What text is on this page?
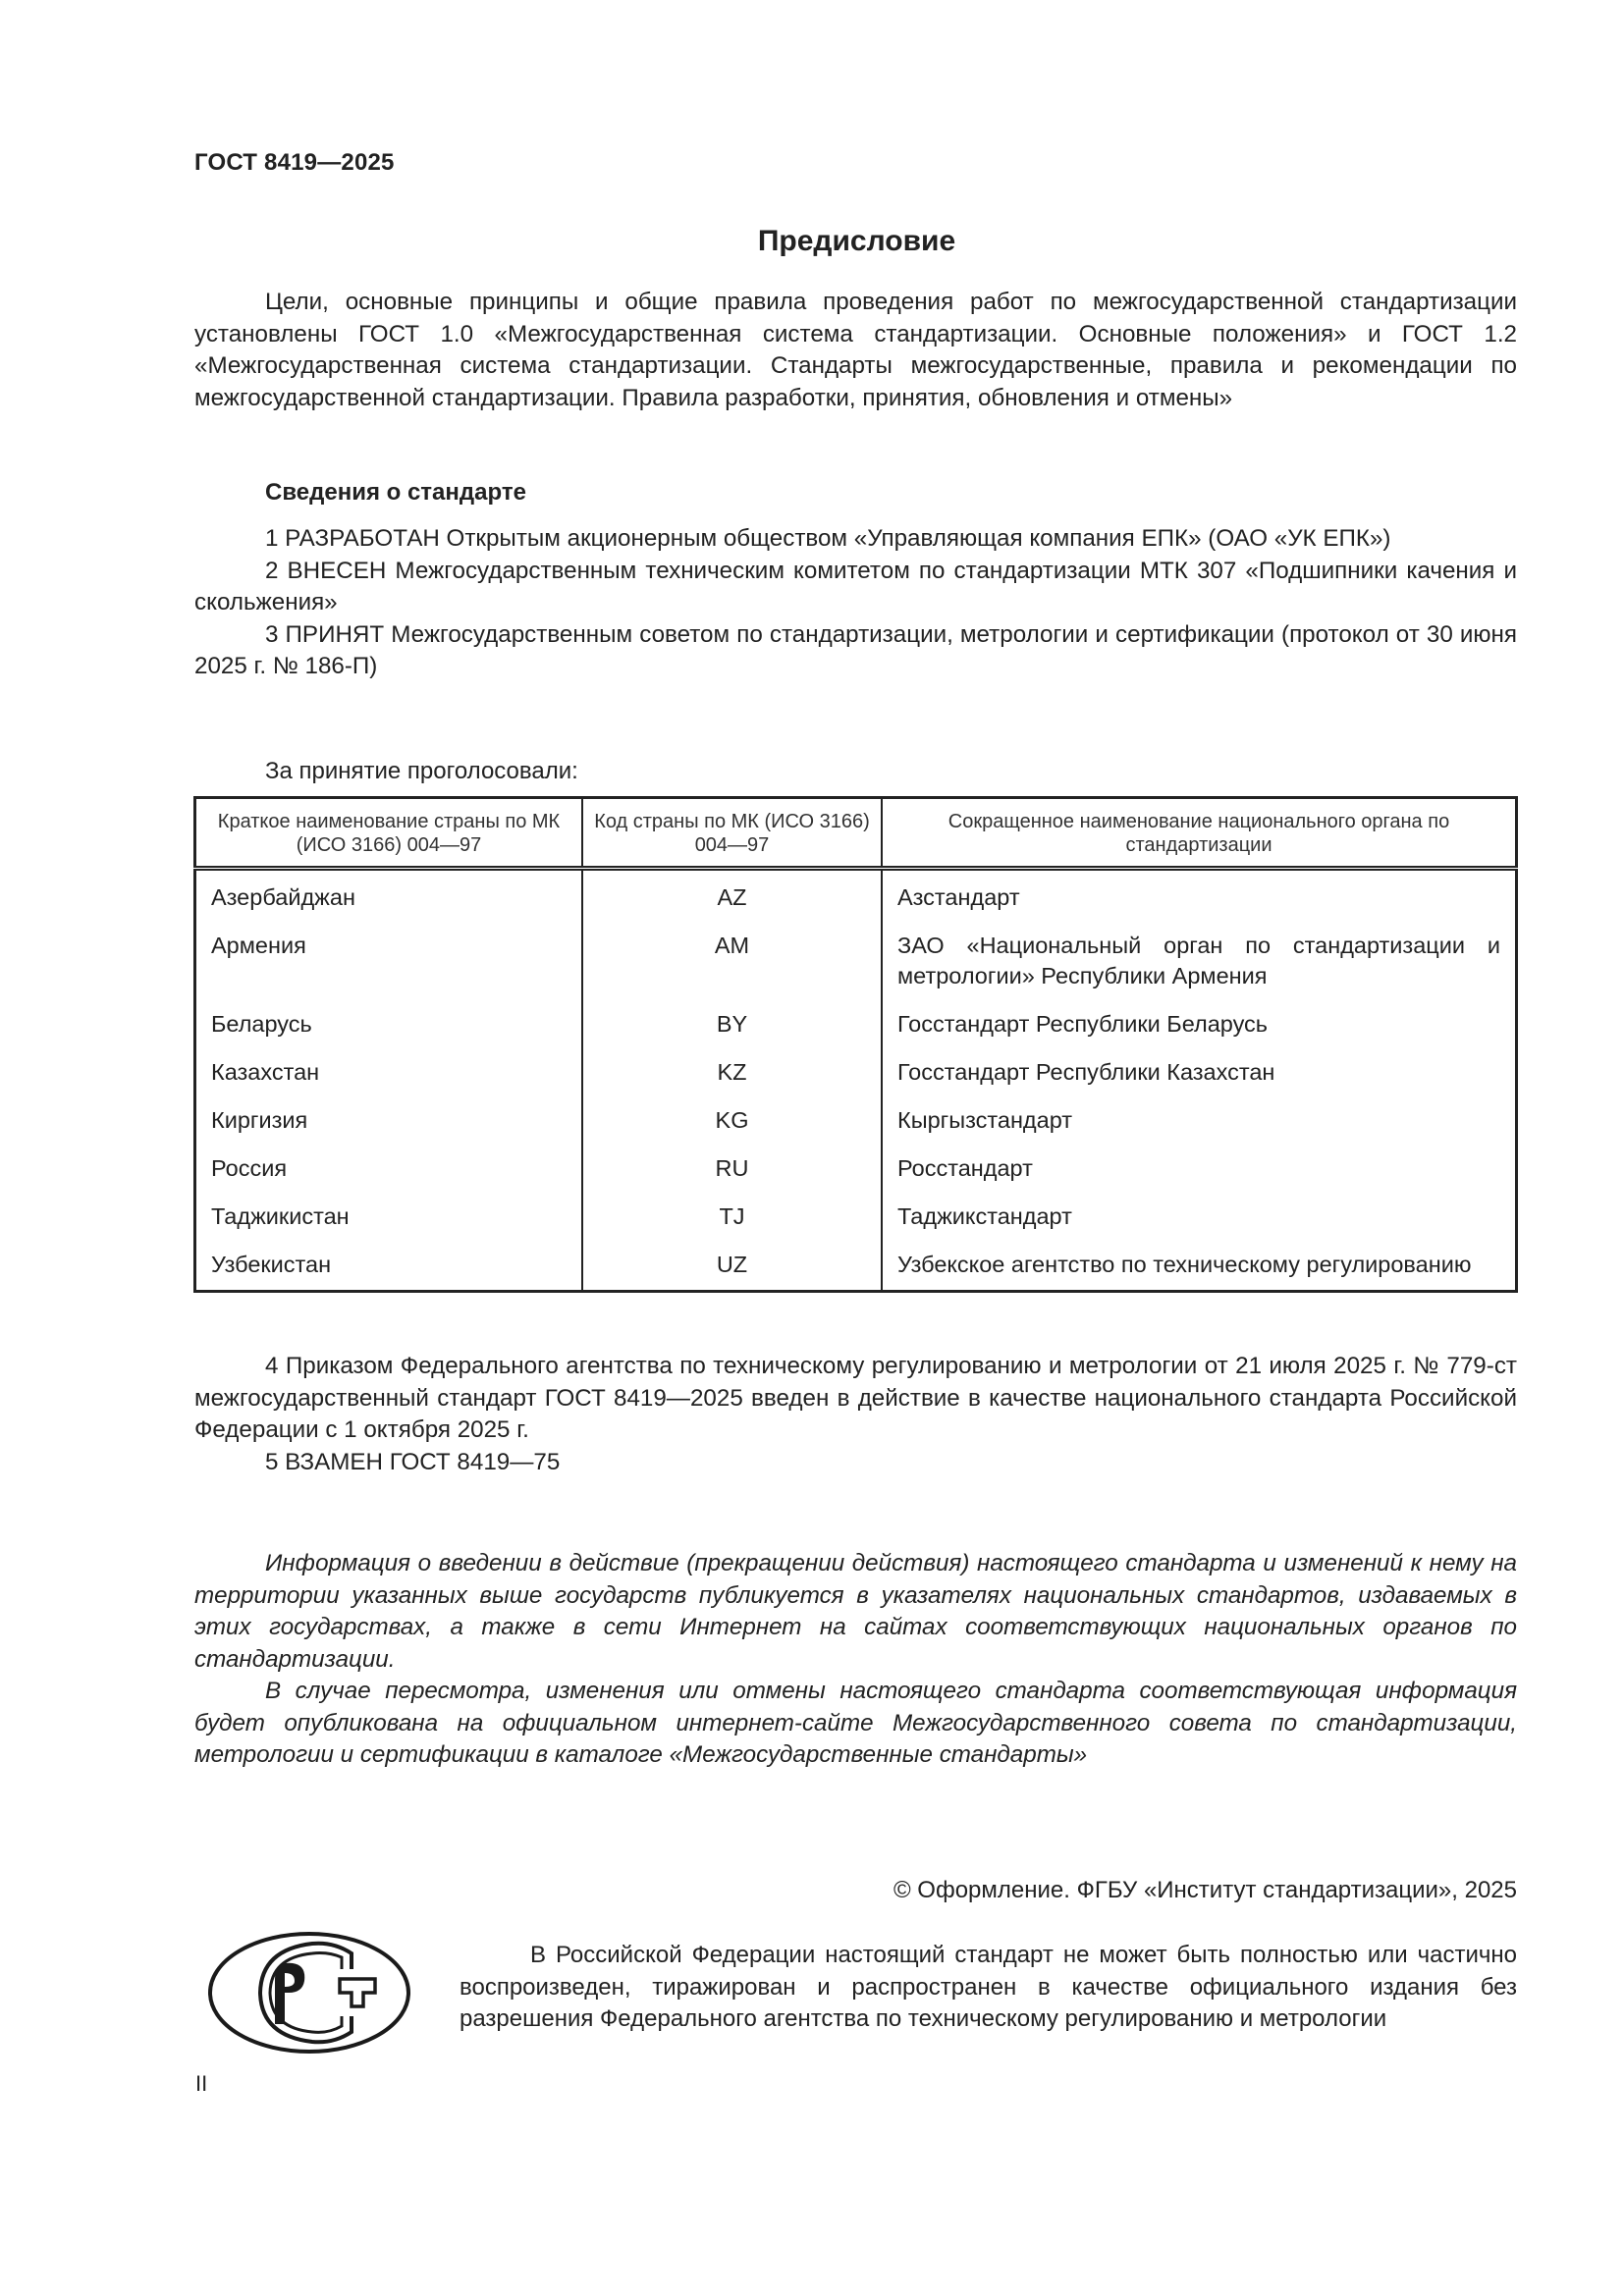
ГОСТ 8419—2025
Предисловие

Цели, основные принципы и общие правила проведения работ по межгосударственной стандартизации установлены ГОСТ 1.0 «Межгосударственная система стандартизации. Основные положения» и ГОСТ 1.2 «Межгосударственная система стандартизации. Стандарты межгосударственные, правила и рекомендации по межгосударственной стандартизации. Правила разработки, принятия, обновления и отмены»

Сведения о стандарте

1 РАЗРАБОТАН Открытым акционерным обществом «Управляющая компания ЕПК» (ОАО «УК ЕПК»)

2 ВНЕСЕН Межгосударственным техническим комитетом по стандартизации МТК 307 «Подшипники качения и скольжения»

3 ПРИНЯТ Межгосударственным советом по стандартизации, метрологии и сертификации (протокол от 30 июня 2025 г. № 186-П)

За принятие проголосовали:
Краткое наименование страны по МК (ИСО 3166) 004—97	Код страны по МК (ИСО 3166) 004—97	Сокращенное наименование национального органа по стандартизации
Азербайджан	AZ	Азстандарт
Армения	AM	ЗАО «Национальный орган по стандартизации и метрологии» Республики Армения
Беларусь	BY	Госстандарт Республики Беларусь
Казахстан	KZ	Госстандарт Республики Казахстан
Киргизия	KG	Кыргызстандарт
Россия	RU	Росстандарт
Таджикистан	TJ	Таджикстандарт
Узбекистан	UZ	Узбекское агентство по техническому регулированию

4 Приказом Федерального агентства по техническому регулированию и метрологии от 21 июля 2025 г. № 779-ст межгосударственный стандарт ГОСТ 8419—2025 введен в действие в качестве национального стандарта Российской Федерации с 1 октября 2025 г.

5 ВЗАМЕН ГОСТ 8419—75

Информация о введении в действие (прекращении действия) настоящего стандарта и изменений к нему на территории указанных выше государств публикуется в указателях национальных стандартов, издаваемых в этих государствах, а также в сети Интернет на сайтах соответствующих национальных органов по стандартизации.

В случае пересмотра, изменения или отмены настоящего стандарта соответствующая информация будет опубликована на официальном интернет-сайте Межгосударственного совета по стандартизации, метрологии и сертификации в каталоге «Межгосударственные стандарты»

© Оформление. ФГБУ «Институт стандартизации», 2025

В Российской Федерации настоящий стандарт не может быть полностью или частично воспроизведен, тиражирован и распространен в качестве официального издания без разрешения Федерального агентства по техническому регулированию и метрологии

II
